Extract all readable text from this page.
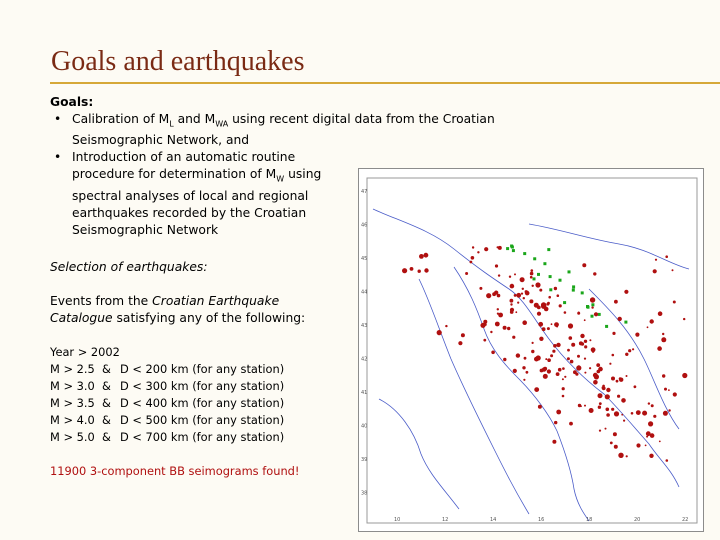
Goals and earthquakes
Goals:
• Calibration of $M_L$ and $M_{WA}$ using recent digital data from the Croatian Seismographic Network, and
• Introduction of an automatic routine procedure for determination of $M_W$ using spectral analyses of local and regional earthquakes recorded by the Croatian Seismographic Network
Selection of earthquakes:
Events from the Croatian Earthquake Catalogue satisfying any of the following:
Year > 2002
M > 2.5 & D < 200 km (for any station)
M > 3.0 & D < 300 km (for any station)
M > 3.5 & D < 400 km (for any station)
M > 4.0 & D < 500 km (for any station)
M > 5.0 & D < 700 km (for any station)
11900 3-component BB seimograms found!
47
46
45
44
43
42
41
40
39
38
10	12	14	16	18	20	22
